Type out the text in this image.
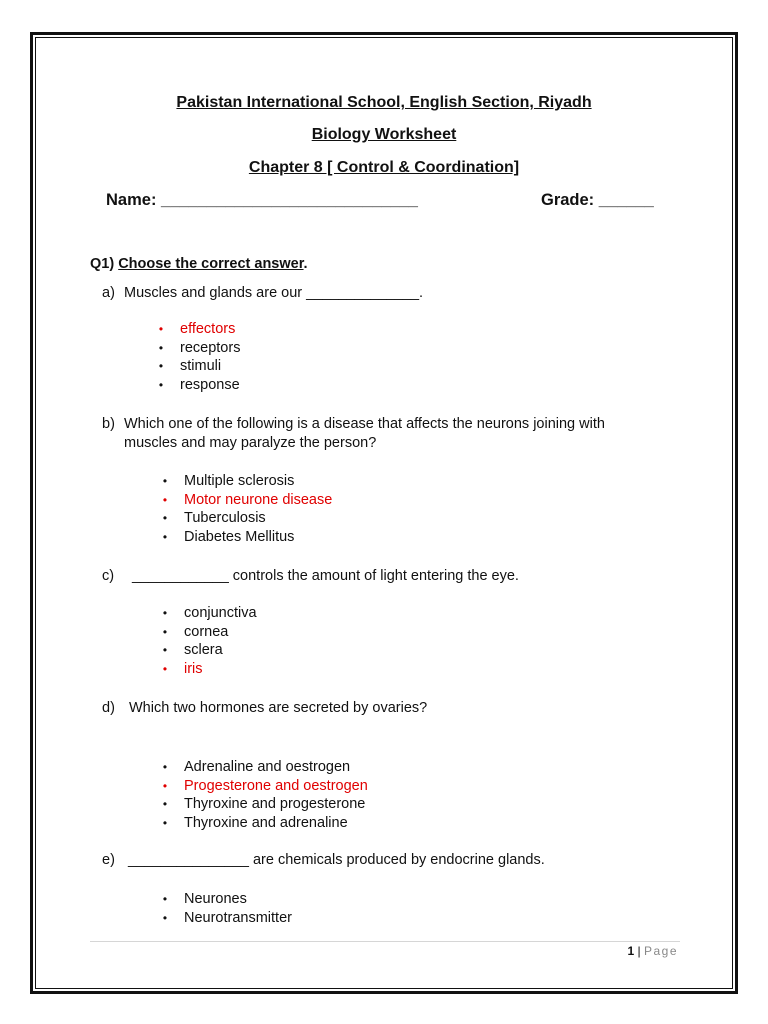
Pakistan International School, English Section, Riyadh
Biology Worksheet
Chapter 8 [ Control & Coordination]
Name: ____________________________	Grade: ______
Q1) Choose the correct answer.
a) Muscles and glands are our ______________.
• effectors
• receptors
• stimuli
• response
b) Which one of the following is a disease that affects the neurons joining with
muscles and may paralyze the person?
• Multiple sclerosis
• Motor neurone disease
• Tuberculosis
• Diabetes Mellitus
c) ____________ controls the amount of light entering the eye.
• conjunctiva
• cornea
• sclera
• iris
d) Which two hormones are secreted by ovaries?
• Adrenaline and oestrogen
• Progesterone and oestrogen
• Thyroxine and progesterone
• Thyroxine and adrenaline
e) _______________ are chemicals produced by endocrine glands.
• Neurones
• Neurotransmitter
1 | Page
